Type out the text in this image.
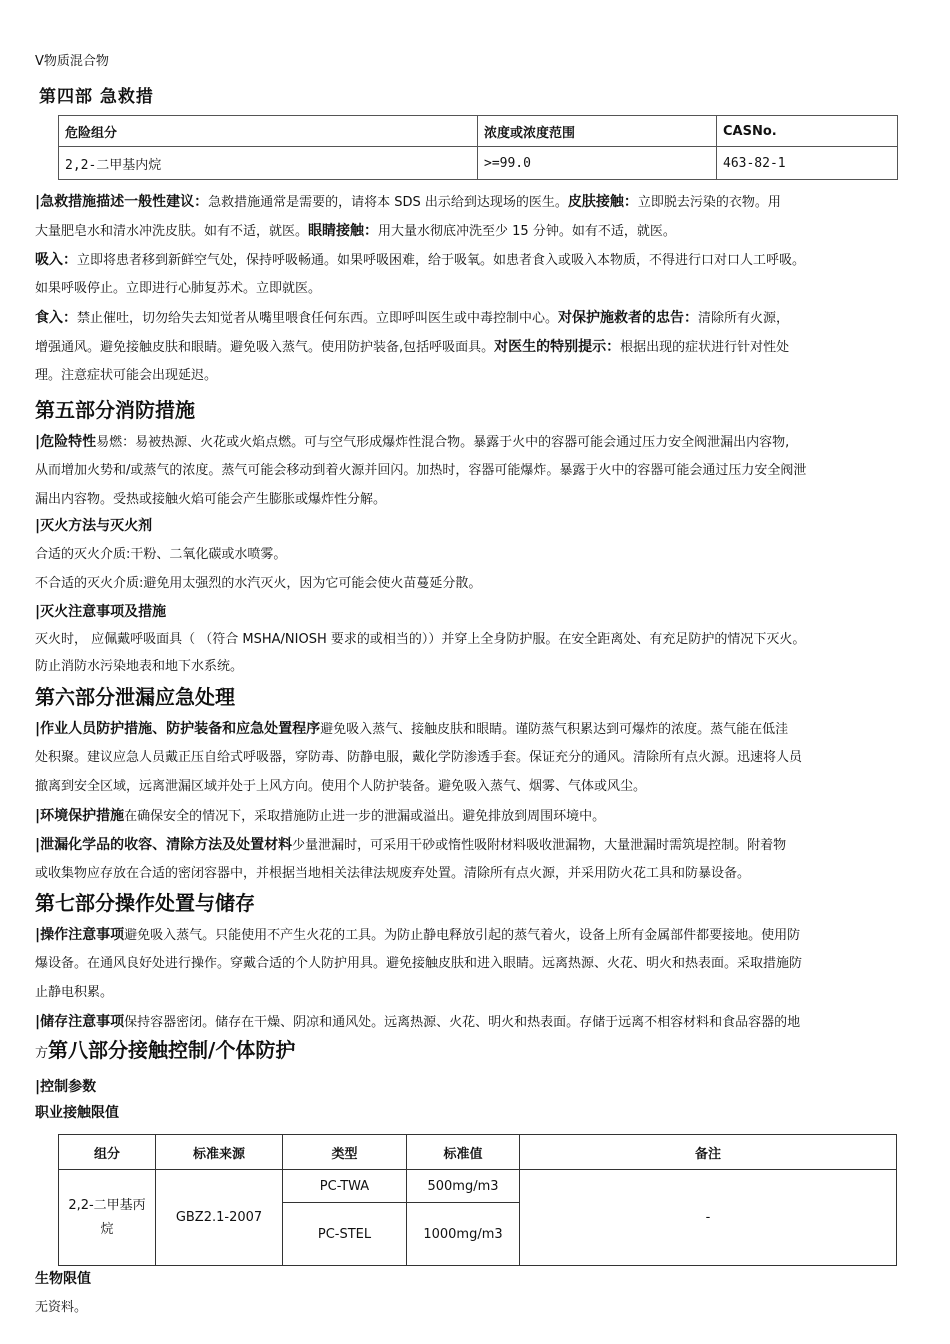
V物质混合物
第四部 急救措
危险组分	浓度或浓度范围	CASNo.
2,2-二甲基内烷	>=99.0	463-82-1
|急救措施描述一般性建议：急救措施通常是需要的，请将本 SDS 出示给到达现场的医生。皮肤接触：立即脱去污染的衣物。用
大量肥皂水和清水冲洗皮肤。如有不适，就医。眼睛接触：用大量水彻底冲洗至少 15 分钟。如有不适，就医。
吸入：立即将患者移到新鲜空气处，保持呼吸畅通。如果呼吸困难，给于吸氧。如患者食入或吸入本物质，不得进行口对口人工呼吸。
如果呼吸停止。立即进行心肺复苏术。立即就医。
食入：禁止催吐，切勿给失去知觉者从嘴里喂食任何东西。立即呼叫医生或中毒控制中心。对保护施救者的忠告：清除所有火源，
增强通风。避免接触皮肤和眼睛。避免吸入蒸气。使用防护装备,包括呼吸面具。对医生的特别提示：根据出现的症状进行针对性处
理。注意症状可能会出现延迟。
第五部分消防措施
|危险特性易燃：易被热源、火花或火焰点燃。可与空气形成爆炸性混合物。暴露于火中的容器可能会通过压力安全阀泄漏出内容物,
从而增加火势和/或蒸气的浓度。蒸气可能会移动到着火源并回闪。加热时，容器可能爆炸。暴露于火中的容器可能会通过压力安全阀泄
漏出内容物。受热或接触火焰可能会产生膨胀或爆炸性分解。
|灭火方法与灭火剂
合适的灭火介质:干粉、二氧化碳或水喷雾。
不合适的灭火介质:避免用太强烈的水汽灭火，因为它可能会使火苗蔓延分散。
|灭火注意事项及措施
灭火时， 应佩戴呼吸面具（ （符合 MSHA/NIOSH 要求的或相当的））并穿上全身防护服。在安全距离处、有充足防护的情况下灭火。
防止消防水污染地表和地下水系统。
第六部分泄漏应急处理
|作业人员防护措施、防护装备和应急处置程序避免吸入蒸气、接触皮肤和眼睛。谨防蒸气积累达到可爆炸的浓度。蒸气能在低洼
处积聚。建议应急人员戴正压自给式呼吸器，穿防毒、防静电服，戴化学防渗透手套。保证充分的通风。清除所有点火源。迅速将人员
撤离到安全区域，远离泄漏区域并处于上风方向。使用个人防护装备。避免吸入蒸气、烟雾、气体或风尘。
|环境保护措施在确保安全的情况下，采取措施防止进一步的泄漏或溢出。避免排放到周围环境中。
|泄漏化学品的收容、清除方法及处置材料少量泄漏时，可采用干砂或惰性吸附材料吸收泄漏物，大量泄漏时需筑堤控制。附着物
或收集物应存放在合适的密闭容器中，并根据当地相关法律法规废弃处置。清除所有点火源，并采用防火花工具和防暴设备。
第七部分操作处置与储存
|操作注意事项避免吸入蒸气。只能使用不产生火花的工具。为防止静电释放引起的蒸气着火，设备上所有金属部件都要接地。使用防
爆设备。在通风良好处进行操作。穿戴合适的个人防护用具。避免接触皮肤和进入眼睛。远离热源、火花、明火和热表面。采取措施防
止静电积累。
|储存注意事项保持容器密闭。储存在干燥、阴凉和通风处。远离热源、火花、明火和热表面。存储于远离不相容材料和食品容器的地
方第八部分接触控制/个体防护
|控制参数
职业接触限值
组分	标准来源	类型	标准值	备注
2,2-二甲基丙烷	GBZ2.1-2007	PC-TWA	500mg/m3	-
		PC-STEL	1000mg/m3	
生物限值
无资料。
